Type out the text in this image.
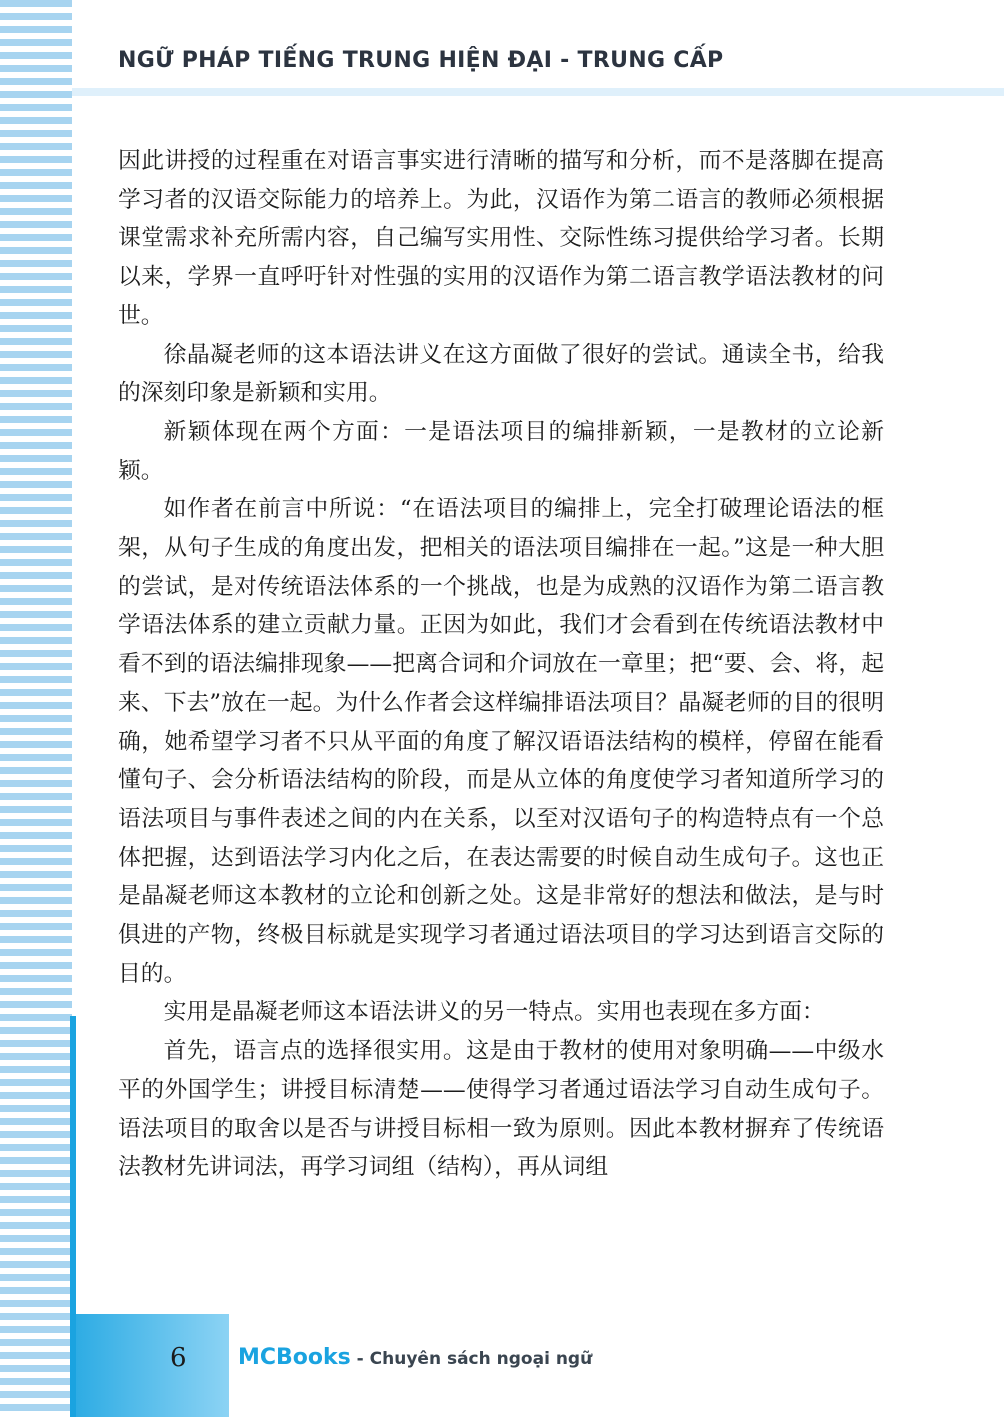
NGỮ PHÁP TIẾNG TRUNG HIỆN ĐẠI - TRUNG CẤP

因此讲授的过程重在对语言事实进行清晰的描写和分析，而不是落脚在提高学习者的汉语交际能力的培养上。为此，汉语作为第二语言的教师必须根据课堂需求补充所需内容，自己编写实用性、交际性练习提供给学习者。长期以来，学界一直呼吁针对性强的实用的汉语作为第二语言教学语法教材的问世。

徐晶凝老师的这本语法讲义在这方面做了很好的尝试。通读全书，给我的深刻印象是新颖和实用。

新颖体现在两个方面：一是语法项目的编排新颖，一是教材的立论新颖。

如作者在前言中所说：“在语法项目的编排上，完全打破理论语法的框架，从句子生成的角度出发，把相关的语法项目编排在一起。”这是一种大胆的尝试，是对传统语法体系的一个挑战，也是为成熟的汉语作为第二语言教学语法体系的建立贡献力量。正因为如此，我们才会看到在传统语法教材中看不到的语法编排现象——把离合词和介词放在一章里；把“要、会、将，起来、下去”放在一起。为什么作者会这样编排语法项目？晶凝老师的目的很明确，她希望学习者不只从平面的角度了解汉语语法结构的模样，停留在能看懂句子、会分析语法结构的阶段，而是从立体的角度使学习者知道所学习的语法项目与事件表述之间的内在关系，以至对汉语句子的构造特点有一个总体把握，达到语法学习内化之后，在表达需要的时候自动生成句子。这也正是晶凝老师这本教材的立论和创新之处。这是非常好的想法和做法，是与时俱进的产物，终极目标就是实现学习者通过语法项目的学习达到语言交际的目的。

实用是晶凝老师这本语法讲义的另一特点。实用也表现在多方面：

首先，语言点的选择很实用。这是由于教材的使用对象明确——中级水平的外国学生；讲授目标清楚——使得学习者通过语法学习自动生成句子。语法项目的取舍以是否与讲授目标相一致为原则。因此本教材摒弃了传统语法教材先讲词法，再学习词组（结构），再从词组

6 MCBooks - Chuyên sách ngoại ngữ
